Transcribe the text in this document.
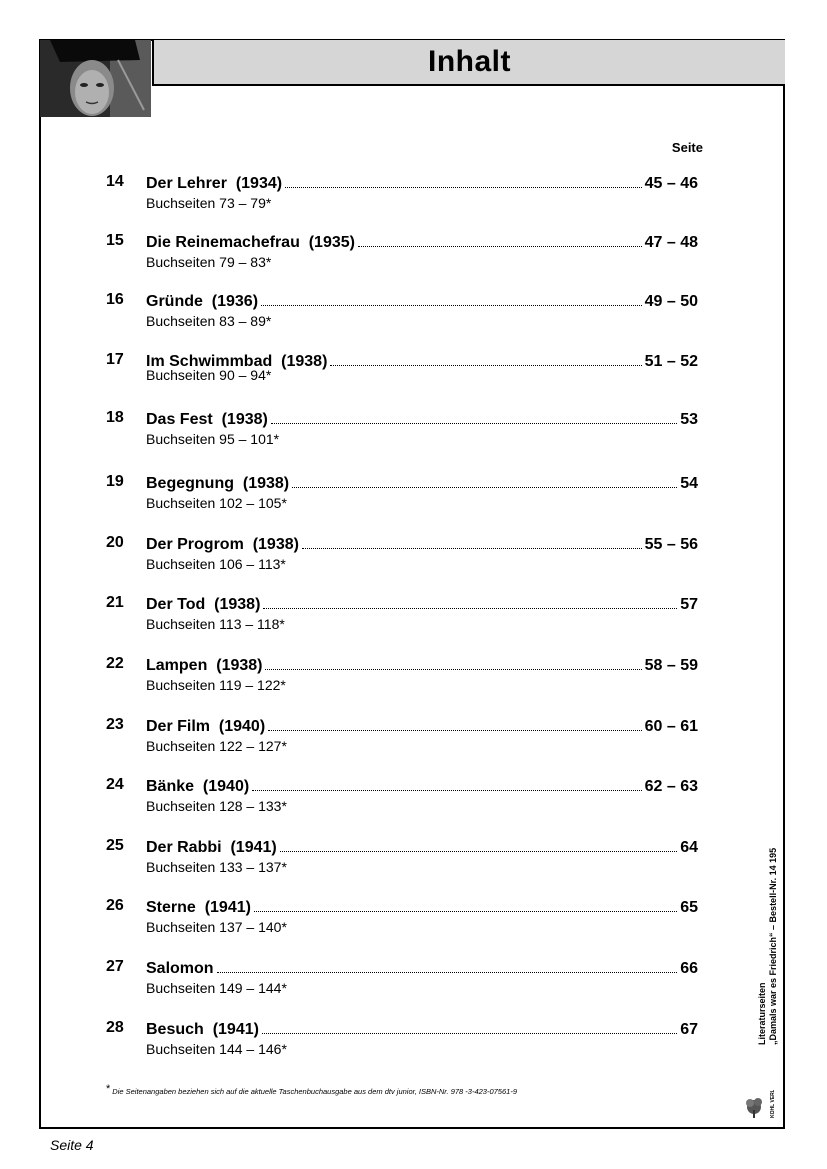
Inhalt
Seite
14 Der Lehrer  (1934)	45 – 46
Buchseiten 73 – 79*
15 Die Reinemachefrau  (1935)	47 – 48
Buchseiten 79 – 83*
16 Gründe  (1936)	49 – 50
Buchseiten 83 – 89*
17 Im Schwimmbad  (1938)	51 – 52
Buchseiten 90 – 94*
18 Das Fest  (1938)	53
Buchseiten 95 – 101*
19 Begegnung  (1938)	54
Buchseiten 102 – 105*
20 Der Progrom  (1938)	55 – 56
Buchseiten 106 – 113*
21 Der Tod  (1938)	57
Buchseiten 113 – 118*
22 Lampen  (1938)	58 – 59
Buchseiten 119 – 122*
23 Der Film  (1940)	60 – 61
Buchseiten 122 – 127*
24 Bänke  (1940)	62 – 63
Buchseiten 128 – 133*
25 Der Rabbi  (1941)	64
Buchseiten 133 – 137*
26 Sterne  (1941)	65
Buchseiten 137 – 140*
27 Salomon	66
Buchseiten 149 – 144*
28 Besuch  (1941)	67
Buchseiten 144 – 146*
* Die Seitenangaben beziehen sich auf die aktuelle Taschenbuchausgabe aus dem dtv junior, ISBN-Nr. 978 -3-423-07561-9
Literaturseiten „Damals war es Friedrich“ – Bestell-Nr. 14 195
KOHL VERLAG
Seite 4
